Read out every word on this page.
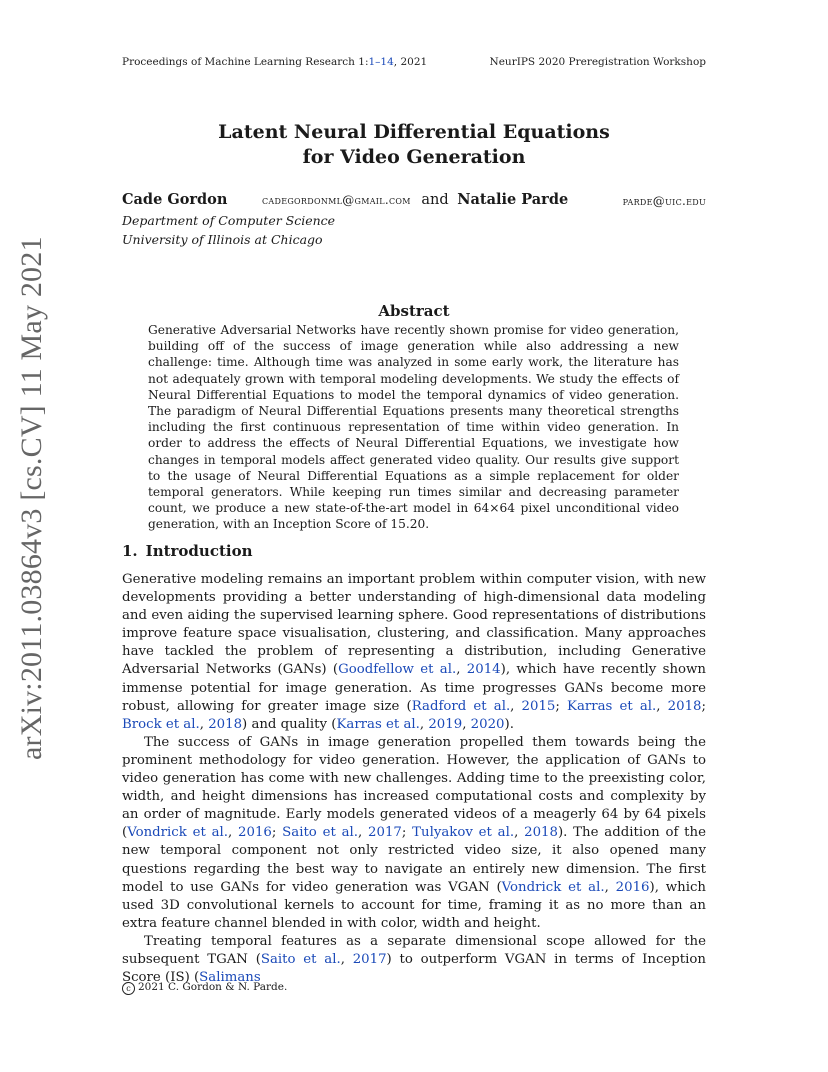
Proceedings of Machine Learning Research 1:1–14, 2021	NeurIPS 2020 Preregistration Workshop
arXiv:2011.03864v3 [cs.CV] 11 May 2021
Latent Neural Differential Equations
for Video Generation
Cade Gordon	cadegordonml@gmail.com and Natalie Parde	parde@uic.edu
Department of Computer Science
University of Illinois at Chicago
Abstract
Generative Adversarial Networks have recently shown promise for video generation, building off of the success of image generation while also addressing a new challenge: time. Although time was analyzed in some early work, the literature has not adequately grown with temporal modeling developments. We study the effects of Neural Differential Equations to model the temporal dynamics of video generation. The paradigm of Neural Differential Equations presents many theoretical strengths including the first continuous representation of time within video generation. In order to address the effects of Neural Differential Equations, we investigate how changes in temporal models affect generated video quality. Our results give support to the usage of Neural Differential Equations as a simple replacement for older temporal generators. While keeping run times similar and decreasing parameter count, we produce a new state-of-the-art model in 64×64 pixel unconditional video generation, with an Inception Score of 15.20.
1. Introduction

Generative modeling remains an important problem within computer vision, with new developments providing a better understanding of high-dimensional data modeling and even aiding the supervised learning sphere. Good representations of distributions improve feature space visualisation, clustering, and classification. Many approaches have tackled the problem of representing a distribution, including Generative Adversarial Networks (GANs) (Goodfellow et al., 2014), which have recently shown immense potential for image generation. As time progresses GANs become more robust, allowing for greater image size (Radford et al., 2015; Karras et al., 2018; Brock et al., 2018) and quality (Karras et al., 2019, 2020).

The success of GANs in image generation propelled them towards being the prominent methodology for video generation. However, the application of GANs to video generation has come with new challenges. Adding time to the preexisting color, width, and height dimensions has increased computational costs and complexity by an order of magnitude. Early models generated videos of a meagerly 64 by 64 pixels (Vondrick et al., 2016; Saito et al., 2017; Tulyakov et al., 2018). The addition of the new temporal component not only restricted video size, it also opened many questions regarding the best way to navigate an entirely new dimension. The first model to use GANs for video generation was VGAN (Vondrick et al., 2016), which used 3D convolutional kernels to account for time, framing it as no more than an extra feature channel blended in with color, width and height.

Treating temporal features as a separate dimensional scope allowed for the subsequent TGAN (Saito et al., 2017) to outperform VGAN in terms of Inception Score (IS) (Salimans

c 2021 C. Gordon & N. Parde.
